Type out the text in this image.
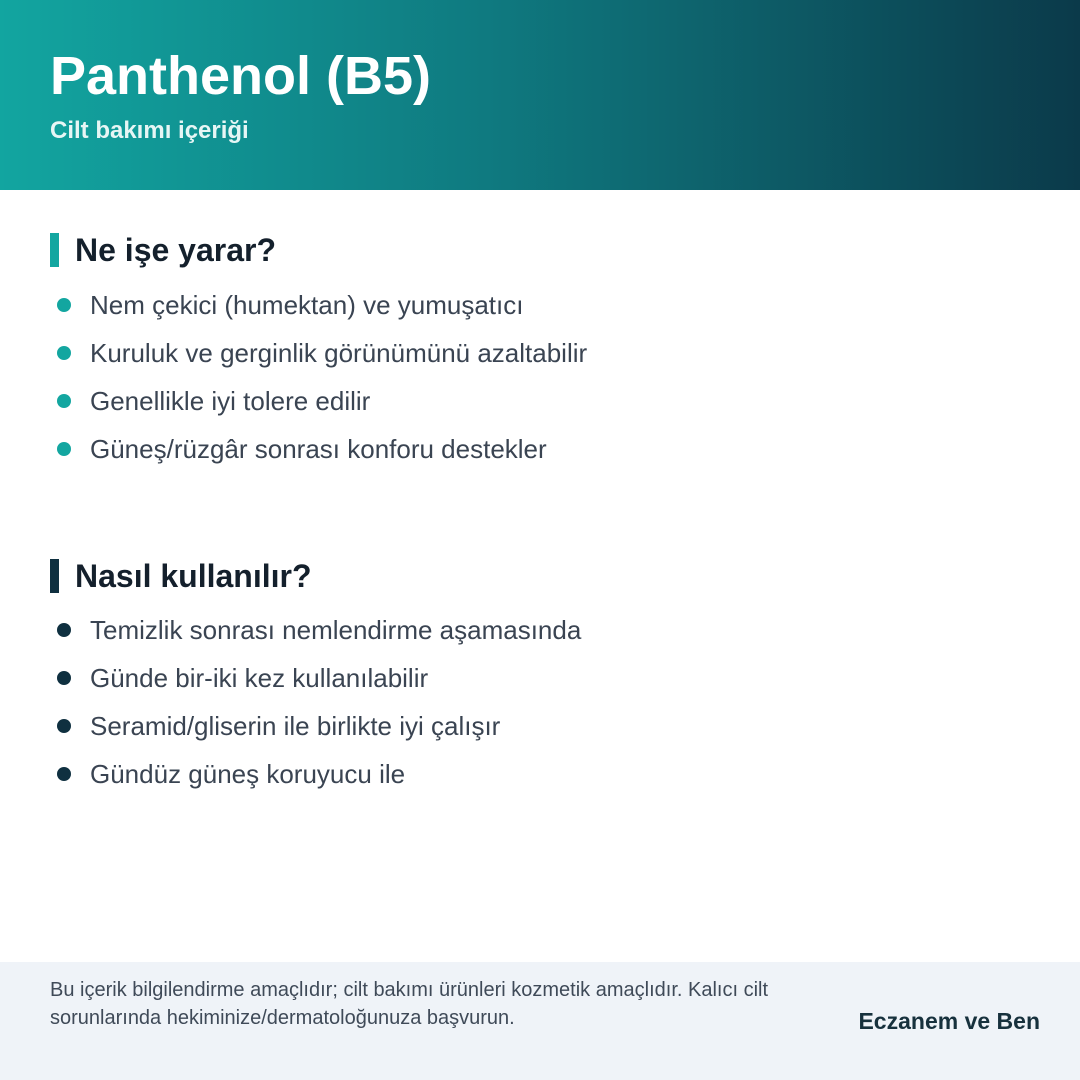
Panthenol (B5)

Cilt bakımı içeriği

Ne işe yarar?
Nem çekici (humektan) ve yumuşatıcı
Kuruluk ve gerginlik görünümünü azaltabilir
Genellikle iyi tolere edilir
Güneş/rüzgâr sonrası konforu destekler
Nasıl kullanılır?
Temizlik sonrası nemlendirme aşamasında
Günde bir-iki kez kullanılabilir
Seramid/gliserin ile birlikte iyi çalışır
Gündüz güneş koruyucu ile

Bu içerik bilgilendirme amaçlıdır; cilt bakımı ürünleri kozmetik amaçlıdır. Kalıcı cilt sorunlarında hekiminize/dermatoloğunuza başvurun.	Eczanem ve Ben
